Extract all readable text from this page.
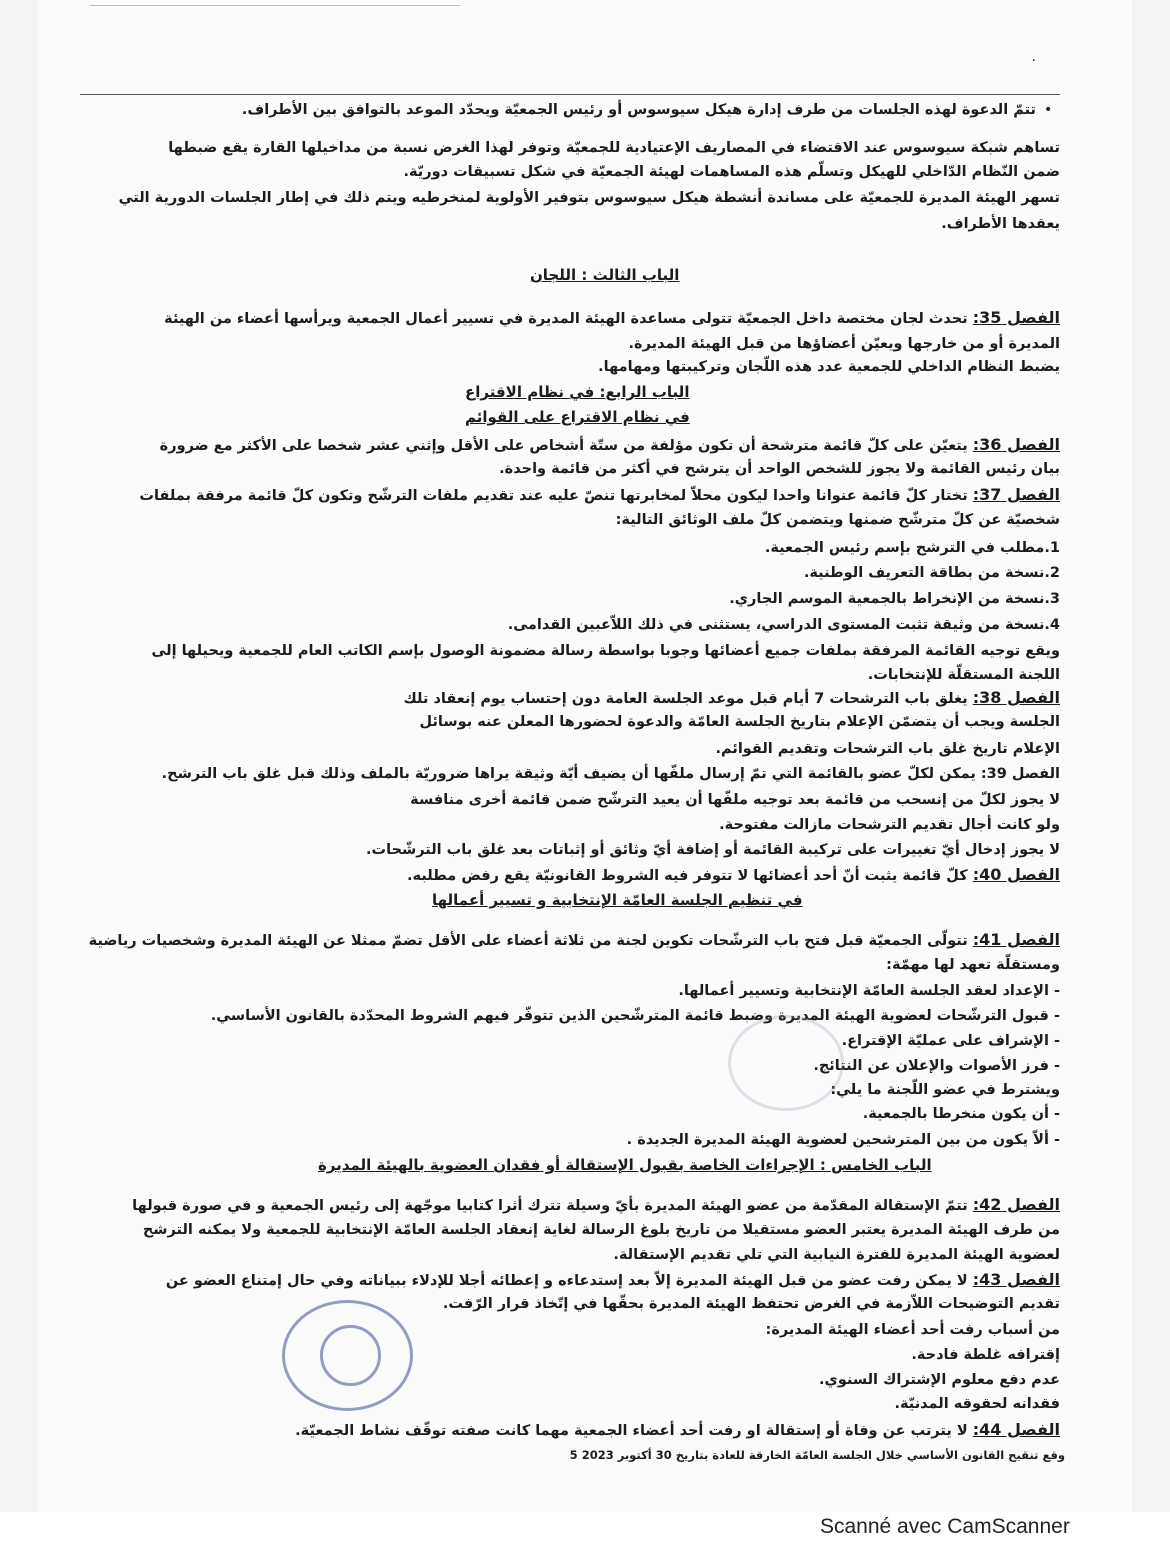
٠
•
تتمّ الدعوة لهذه الجلسات من طرف إدارة هيكل سيوسوس أو رئيس الجمعيّة ويحدّد الموعد بالتوافق بين الأطراف.
تساهم شبكة سيوسوس عند الاقتضاء في المصاريف الإعتيادية للجمعيّة وتوفر لهذا الغرض نسبة من مداخيلها القارة يقع ضبطها
ضمن النّظام الدّاخلي للهيكل وتسلّم هذه المساهمات لهيئة الجمعيّة في شكل تسبيقات دوريّة.
تسهر الهيئة المديرة للجمعيّة على مساندة أنشطة هيكل سيوسوس بتوفير الأولوية لمنخرطيه ويتم ذلك في إطار الجلسات الدورية التي
يعقدها الأطراف.
الباب الثالث : اللجان
الفصل 35: تحدث لجان مختصة داخل الجمعيّة تتولى مساعدة الهيئة المديرة في تسيير أعمال الجمعية ويرأسها أعضاء من الهيئة
المديرة أو من خارجها ويعيّن أعضاؤها من قبل الهيئة المديرة.
يضبط النظام الداخلي للجمعية عدد هذه اللّجان وتركيبتها ومهامها.
الباب الرابع: في نظام الاقتراع
في نظام الاقتراع على القوائم
الفصل 36: يتعيّن على كلّ قائمة مترشحة أن تكون مؤلفة من ستّة أشخاص على الأقل وإثني عشر شخصا على الأكثر مع ضرورة
بيان رئيس القائمة ولا يجوز للشخص الواحد أن يترشح في أكثر من قائمة واحدة.
الفصل 37: تختار كلّ قائمة عنوانا واحدا ليكون محلاّ لمخابرتها تنصّ عليه عند تقديم ملفات الترشّح وتكون كلّ قائمة مرفقة بملفات
شخصيّة عن كلّ مترشّح ضمنها ويتضمن كلّ ملف الوثائق التالية:
1.مطلب في الترشح بإسم رئيس الجمعية.
2.نسخة من بطاقة التعريف الوطنية.
3.نسخة من الإنخراط بالجمعية الموسم الجاري.
4.نسخة من وثيقة تثبت المستوى الدراسي، يستثنى في ذلك اللاّعبين القدامى.
ويقع توجيه القائمة المرفقة بملفات جميع أعضائها وجوبا بواسطة رسالة مضمونة الوصول بإسم الكاتب العام للجمعية ويحيلها إلى
اللجنة المستقلّة للإنتخابات.
الفصل 38: يغلق باب الترشحات 7 أيام قبل موعد الجلسة العامة دون إحتساب يوم إنعقاد تلك
الجلسة ويجب أن يتضمّن الإعلام بتاريخ الجلسة العامّة والدعوة لحضورها المعلن عنه بوسائل
الإعلام تاريخ غلق باب الترشحات وتقديم القوائم.
الفصل 39: يمكن لكلّ عضو بالقائمة التي تمّ إرسال ملفّها أن يضيف أيّة وثيقة يراها ضروريّة بالملف وذلك قبل غلق باب الترشح.
لا يجوز لكلّ من إنسحب من قائمة بعد توجيه ملفّها أن يعيد الترشّح ضمن قائمة أخرى منافسة
ولو كانت أجال تقديم الترشحات مازالت مفتوحة.
لا يجوز إدخال أيّ تغييرات على تركيبة القائمة أو إضافة أيّ وثائق أو إثباتات بعد غلق باب الترشّحات.
الفصل 40: كلّ قائمة يثبت أنّ أحد أعضائها لا تتوفر فيه الشروط القانونيّة يقع رفض مطلبه.
في تنظيم الجلسة العامّة الإنتخابية و تسيير أعمالها
الفصل 41: تتولّى الجمعيّة قبل فتح باب الترشّحات تكوين لجنة من ثلاثة أعضاء على الأقل تضمّ ممثلا عن الهيئة المديرة وشخصيات رياضية
ومستقلّة تعهد لها مهمّة:
- الإعداد لعقد الجلسة العامّة الإنتخابية وتسيير أعمالها.
- قبول الترشّحات لعضوية الهيئة المديرة وضبط قائمة المترشّحين الذين تتوفّر فيهم الشروط المحدّدة بالقانون الأساسي.
- الإشراف على عمليّة الإقتراع.
- فرز الأصوات والإعلان عن النتائج.
ويشترط في عضو اللّجنة ما يلي:
- أن يكون منخرطا بالجمعية.
- ألاّ يكون من بين المترشحين لعضوية الهيئة المديرة الجديدة .
الباب الخامس : الإجراءات الخاصة بقبول الإستقالة أو فقدان العضوية بالهيئة المديرة
الفصل 42: تتمّ الإستقالة المقدّمة من عضو الهيئة المديرة بأيّ وسيلة تترك أثرا كتابيا موجّهة إلى رئيس الجمعية و في صورة قبولها
من طرف الهيئة المديرة يعتبر العضو مستقيلا من تاريخ بلوغ الرسالة لغاية إنعقاد الجلسة العامّة الإنتخابية للجمعية ولا يمكنه الترشح
لعضوية الهيئة المديرة للفترة النيابية التي تلي تقديم الإستقالة.
الفصل 43: لا يمكن رفت عضو من قبل الهيئة المديرة إلاّ بعد إستدعاءه و إعطائه أجلا للإدلاء ببياناته وفي حال إمتناع العضو عن
تقديم التوضيحات اللاّزمة في الغرض تحتفظ الهيئة المديرة بحقّها في إتّخاذ قرار الرّفت.
من أسباب رفت أحد أعضاء الهيئة المديرة:
إقترافه غلطة فادحة.
عدم دفع معلوم الإشتراك السنوي.
فقدانه لحقوقه المدنيّة.
الفصل 44: لا يترتب عن وفاة أو إستقالة او رفت أحد أعضاء الجمعية مهما كانت صفته توقّف نشاط الجمعيّة.
وقع تنقيح القانون الأساسي خلال الجلسة العامّة الخارقة للعادة بتاريخ 30 أكتوبر 2023 5
Scanné avec CamScanner
